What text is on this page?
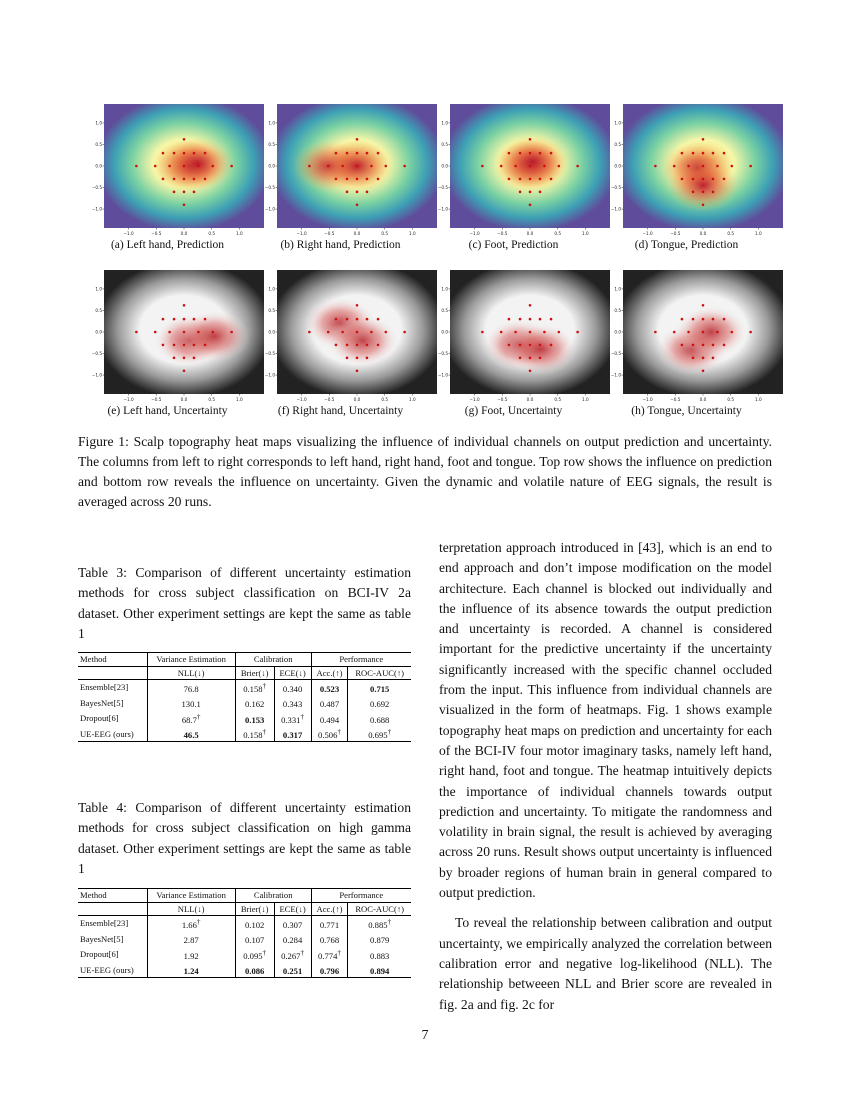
1.0
0.5
0.0
−0.5
−1.0
−1.0	−0.5	0.0	0.5	1.0
1.0
0.5
0.0
−0.5
−1.0
−1.0	−0.5	0.0	0.5	1.0
1.0
0.5
0.0
−0.5
−1.0
−1.0	−0.5	0.0	0.5	1.0
1.0
0.5
0.0
−0.5
−1.0
−1.0	−0.5	0.0	0.5	1.0
1.0
0.5
0.0
−0.5
−1.0
−1.0	−0.5	0.0	0.5	1.0
1.0
0.5
0.0
−0.5
−1.0
−1.0	−0.5	0.0	0.5	1.0
1.0
0.5
0.0
−0.5
−1.0
−1.0	−0.5	0.0	0.5	1.0
1.0
0.5
0.0
−0.5
−1.0
−1.0	−0.5	0.0	0.5	1.0
(a) Left hand, Prediction	(b) Right hand, Prediction	(c) Foot, Prediction	(d) Tongue, Prediction
(e) Left hand, Uncertainty	(f) Right hand, Uncertainty	(g) Foot, Uncertainty	(h) Tongue, Uncertainty
Figure 1: Scalp topography heat maps visualizing the influence of individual channels on output prediction and uncertainty. The columns from left to right corresponds to left hand, right hand, foot and tongue. Top row shows the influence on prediction and bottom row reveals the influence on uncertainty. Given the dynamic and volatile nature of EEG signals, the result is averaged across 20 runs.
Table 3: Comparison of different uncertainty estimation methods for cross subject classification on BCI-IV 2a dataset. Other experiment settings are kept the same as table 1
Method	Variance Estimation	Calibration		Performance	
	NLL(↓)	Brier(↓)	ECE(↓)	Acc.(↑)	ROC-AUC(↑)
Ensemble[23]	76.8	0.158†	0.340	0.523	0.715
BayesNet[5]	130.1	0.162	0.343	0.487	0.692
Dropout[6]	68.7†	0.153	0.331†	0.494	0.688
UE-EEG (ours)	46.5	0.158†	0.317	0.506†	0.695†
Table 4: Comparison of different uncertainty estimation methods for cross subject classification on high gamma dataset. Other experiment settings are kept the same as table 1
Method	Variance Estimation	Calibration		Performance	
	NLL(↓)	Brier(↓)	ECE(↓)	Acc.(↑)	ROC-AUC(↑)
Ensemble[23]	1.66†	0.102	0.307	0.771	0.885†
BayesNet[5]	2.87	0.107	0.284	0.768	0.879
Dropout[6]	1.92	0.095†	0.267†	0.774†	0.883
UE-EEG (ours)	1.24	0.086	0.251	0.796	0.894

terpretation approach introduced in [43], which is an end to end approach and don’t impose modification on the model architecture. Each channel is blocked out individually and the influence of its absence towards the output prediction and uncertainty is recorded. A channel is considered important for the predictive uncertainty if the uncertainty significantly increased with the specific channel occluded from the input. This influence from individual channels are visualized in the form of heatmaps. Fig. 1 shows example topography heat maps on prediction and uncertainty for each of the BCI-IV four motor imaginary tasks, namely left hand, right hand, foot and tongue. The heatmap intuitively depicts the importance of individual channels towards output prediction and uncertainty. To mitigate the randomness and volatility in brain signal, the result is achieved by averaging across 20 runs. Result shows output uncertainty is influenced by broader regions of human brain in general compared to output prediction.

To reveal the relationship between calibration and output uncertainty, we empirically analyzed the correlation between calibration error and negative log-likelihood (NLL). The relationship betweeen NLL and Brier score are revealed in fig. 2a and fig. 2c for

7
